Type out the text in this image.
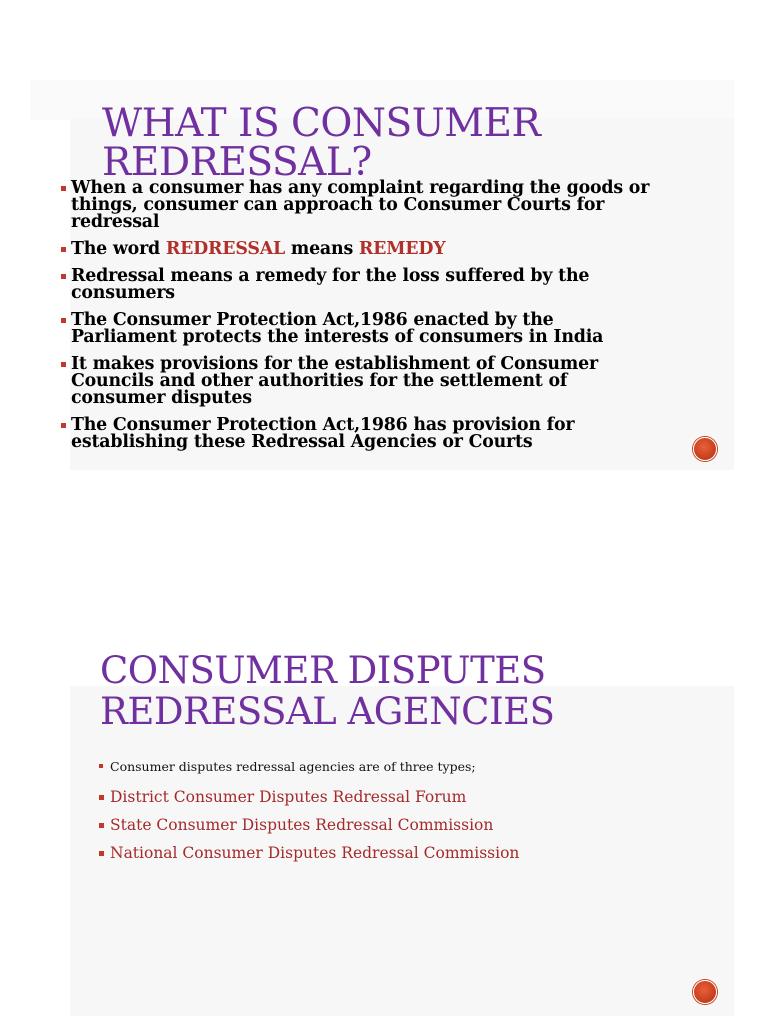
WHAT IS CONSUMER REDRESSAL?
When a consumer has any complaint regarding the goods or things, consumer can approach to Consumer Courts for redressal
The word REDRESSAL means REMEDY
Redressal means a remedy for the loss suffered by the consumers
The Consumer Protection Act,1986 enacted by the Parliament protects the interests of consumers in India
It makes provisions for the establishment of Consumer Councils and other authorities for the settlement of consumer disputes
The Consumer Protection Act,1986 has provision for establishing these Redressal Agencies or Courts
CONSUMER DISPUTES REDRESSAL AGENCIES
Consumer disputes redressal agencies are of three types;
District Consumer Disputes Redressal Forum
State Consumer Disputes Redressal Commission
National Consumer Disputes Redressal Commission
